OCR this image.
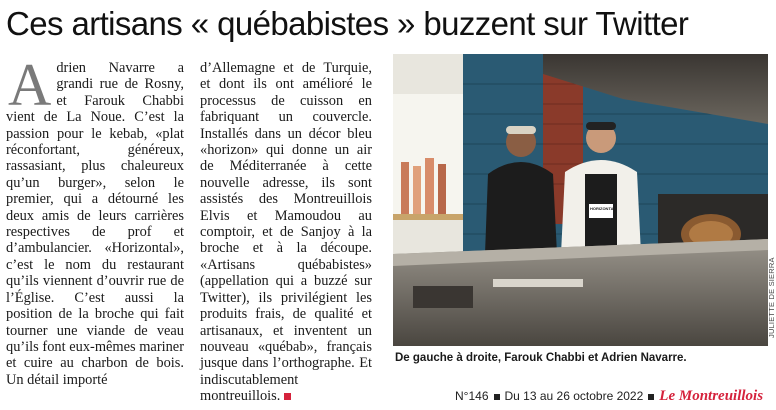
Ces artisans « québabistes » buzzent sur Twitter

Adrien Navarre a grandi rue de Rosny, et Farouk Chabbi vient de La Noue. C’est la passion pour le kebab, «plat réconfortant, généreux, rassasiant, plus chaleureux qu’un burger», selon le premier, qui a détourné les deux amis de leurs carrières respectives de prof et d’ambulancier. «Horizontal», c’est le nom du restaurant qu’ils viennent d’ouvrir rue de l’Église. C’est aussi la position de la broche qui fait tourner une viande de veau qu’ils font eux-mêmes mariner et cuire au charbon de bois. Un détail importé

d’Allemagne et de Turquie, et dont ils ont amélioré le processus de cuisson en fabriquant un couvercle. Installés dans un décor bleu «horizon» qui donne un air de Méditerranée à cette nouvelle adresse, ils sont assistés des Montreuillois Elvis et Mamoudou au comptoir, et de Sanjoy à la broche et à la découpe. «Artisans québabistes» (appellation qui a buzzé sur Twitter), ils privilégient les produits frais, de qualité et artisanaux, et inventent un nouveau «québab», français jusque dans l’orthographe. Et indiscutablement montreuillois.

HORIZONTAL
JULIETTE DE SIERRA
De gauche à droite, Farouk Chabbi et Adrien Navarre.
N°146 Du 13 au 26 octobre 2022 Le Montreuillois
